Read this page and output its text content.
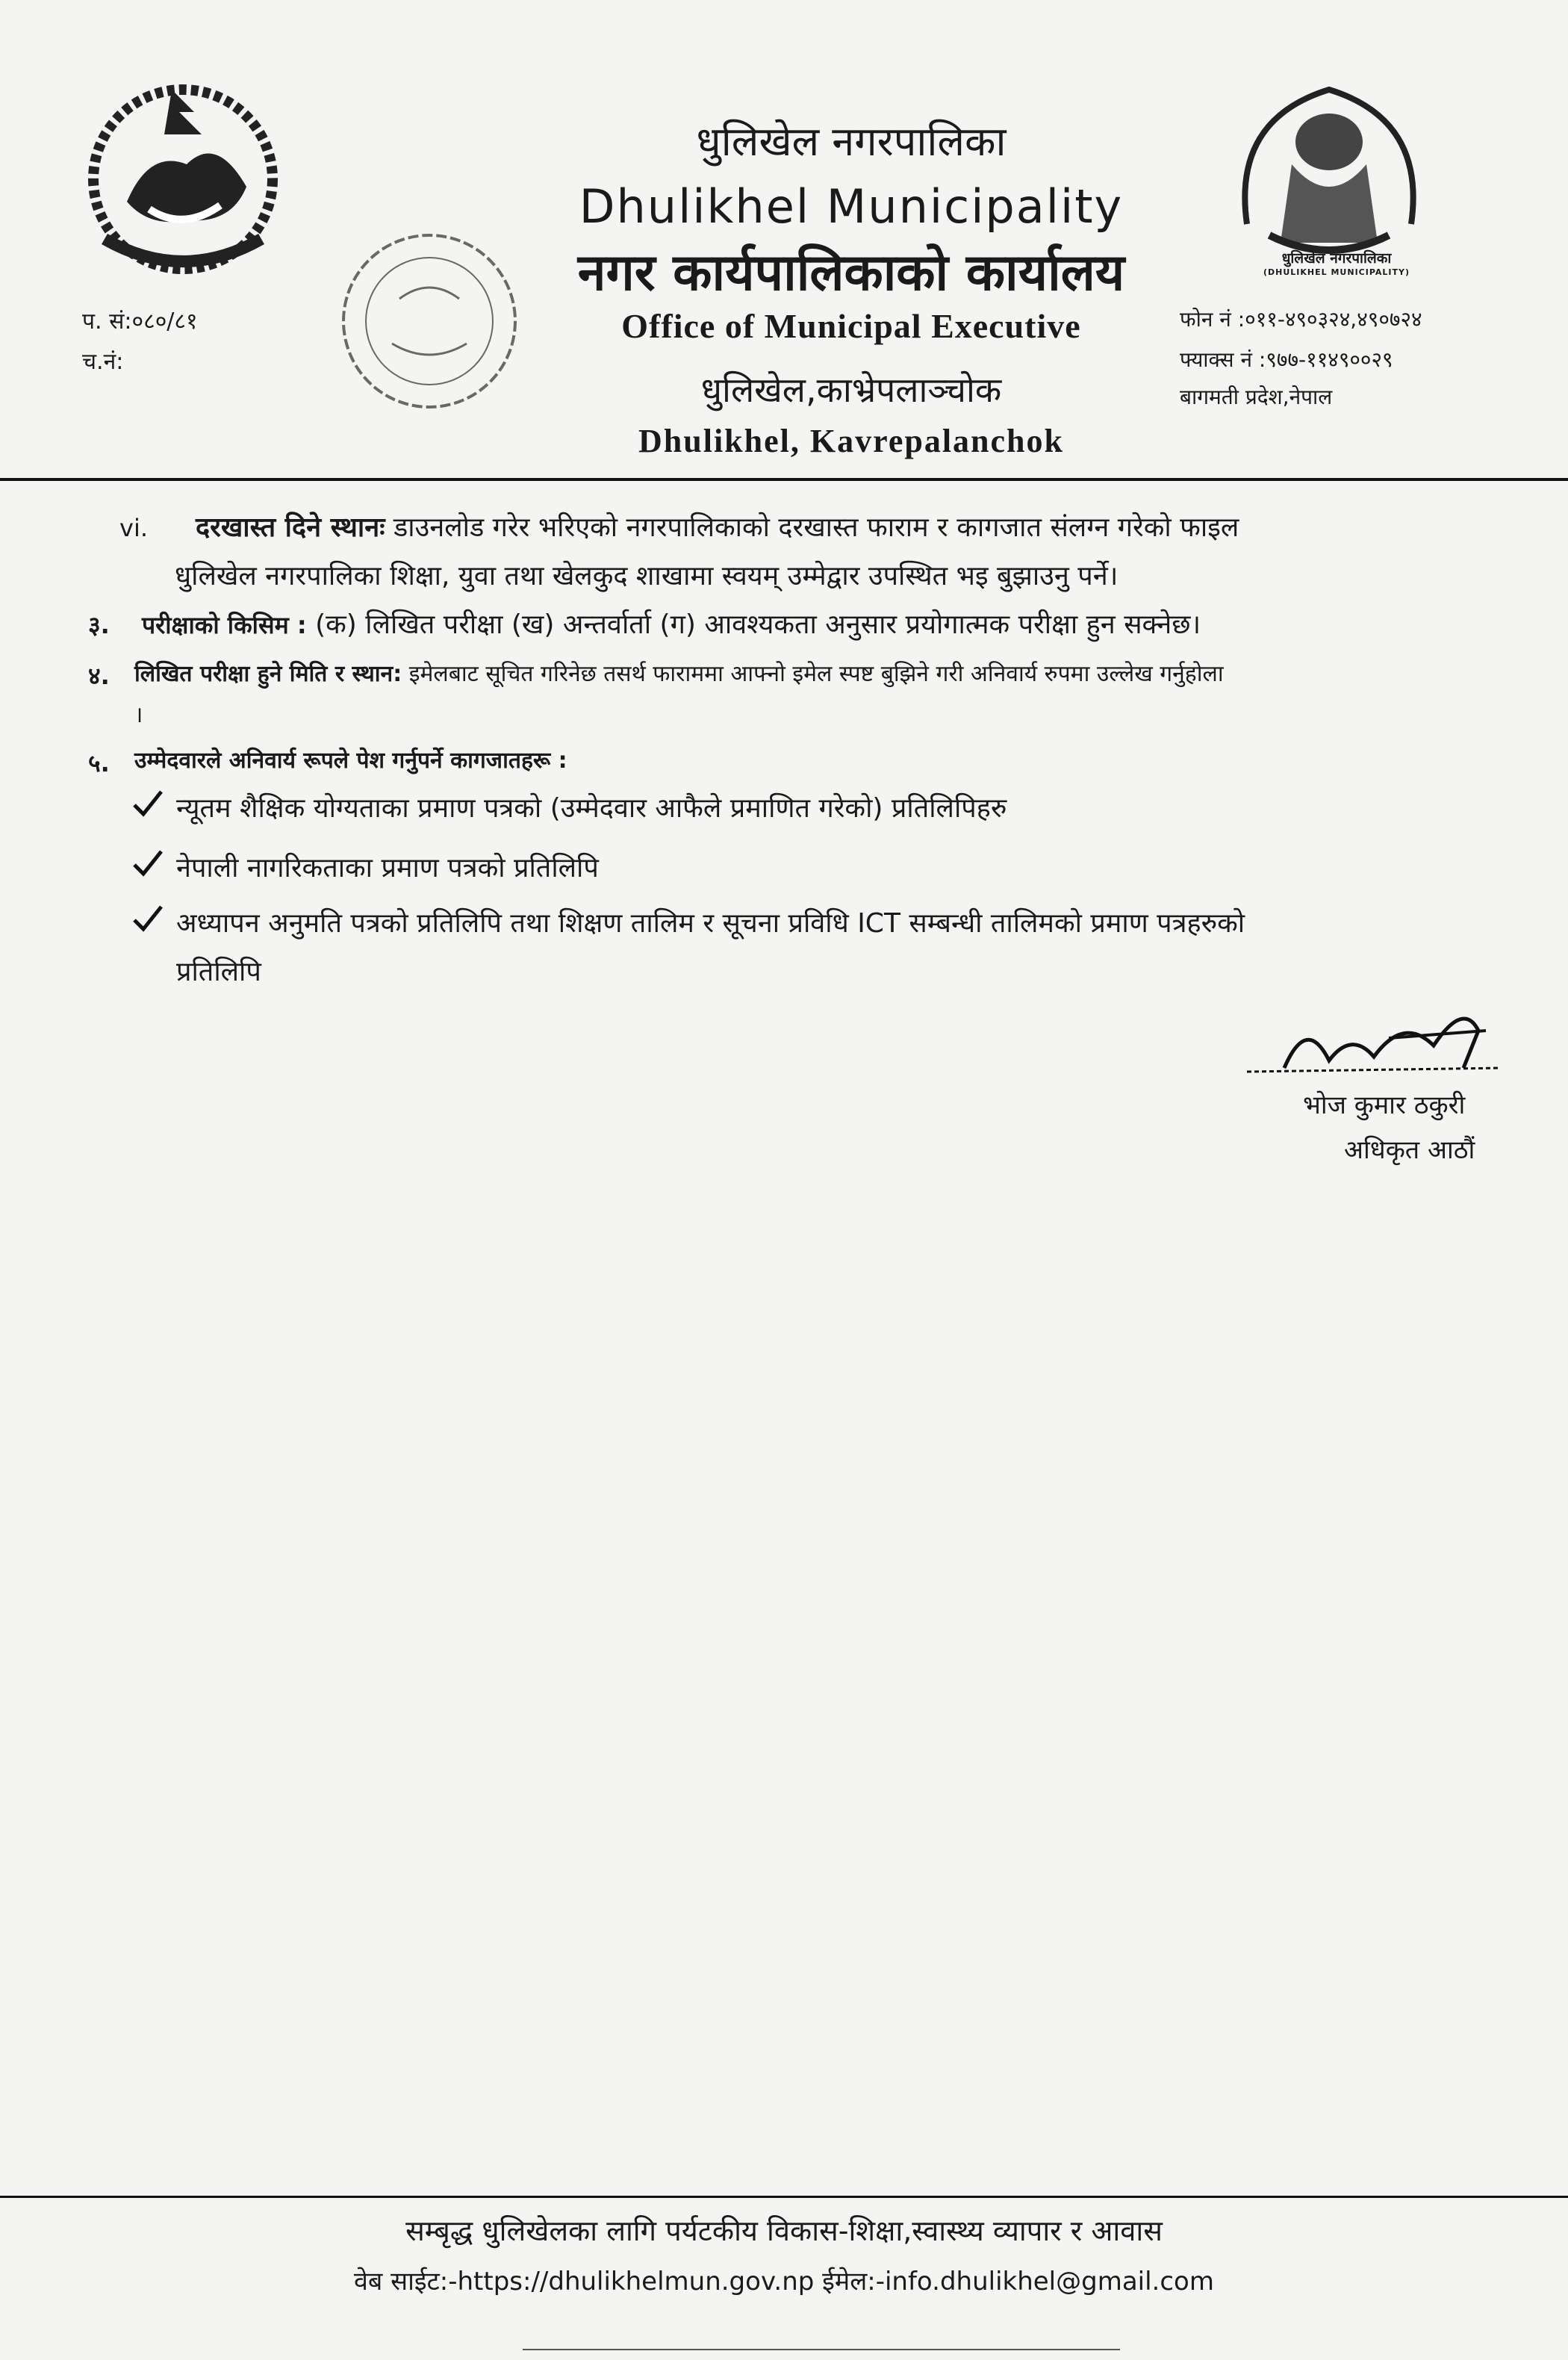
धुलिखेल नगरपालिका
(DHULIKHEL MUNICIPALITY)
धुलिखेल नगरपालिका
Dhulikhel Municipality
नगर कार्यपालिकाको कार्यालय
Office of Municipal Executive
धुलिखेल,काभ्रेपलाञ्चोक
Dhulikhel, Kavrepalanchok
प. सं:०८०/८१
च.नं:
फोन नं :०११-४९०३२४,४९०७२४
फ्याक्स नं :९७७-११४९००२९
बागमती प्रदेश,नेपाल
vi. दरखास्त दिने स्थानः डाउनलोड गरेर भरिएको नगरपालिकाको दरखास्त फाराम र कागजात संलग्न गरेको फाइल
धुलिखेल नगरपालिका शिक्षा, युवा तथा खेलकुद शाखामा स्वयम् उम्मेद्वार उपस्थित भइ बुझाउनु पर्ने।
३. परीक्षाको किसिम : (क) लिखित परीक्षा (ख) अन्तर्वार्ता (ग) आवश्यकता अनुसार प्रयोगात्मक परीक्षा हुन सक्नेछ।
४. लिखित परीक्षा हुने मिति र स्थान: इमेलबाट सूचित गरिनेछ तसर्थ फाराममा आफ्नो इमेल स्पष्ट बुझिने गरी अनिवार्य रुपमा उल्लेख गर्नुहोला
।
५. उम्मेदवारले अनिवार्य रूपले पेश गर्नुपर्ने कागजातहरू :
न्यूतम शैक्षिक योग्यताका प्रमाण पत्रको (उम्मेदवार आफैले प्रमाणित गरेको) प्रतिलिपिहरु
नेपाली नागरिकताका प्रमाण पत्रको प्रतिलिपि
अध्यापन अनुमति पत्रको प्रतिलिपि तथा शिक्षण तालिम र सूचना प्रविधि ICT सम्बन्धी तालिमको प्रमाण पत्रहरुको
प्रतिलिपि
भोज कुमार ठकुरी
अधिकृत आठौं
सम्बृद्ध धुलिखेलका लागि पर्यटकीय विकास-शिक्षा,स्वास्थ्य व्यापार र आवास
वेब साईट:-https://dhulikhelmun.gov.np ईमेल:-info.dhulikhel@gmail.com
